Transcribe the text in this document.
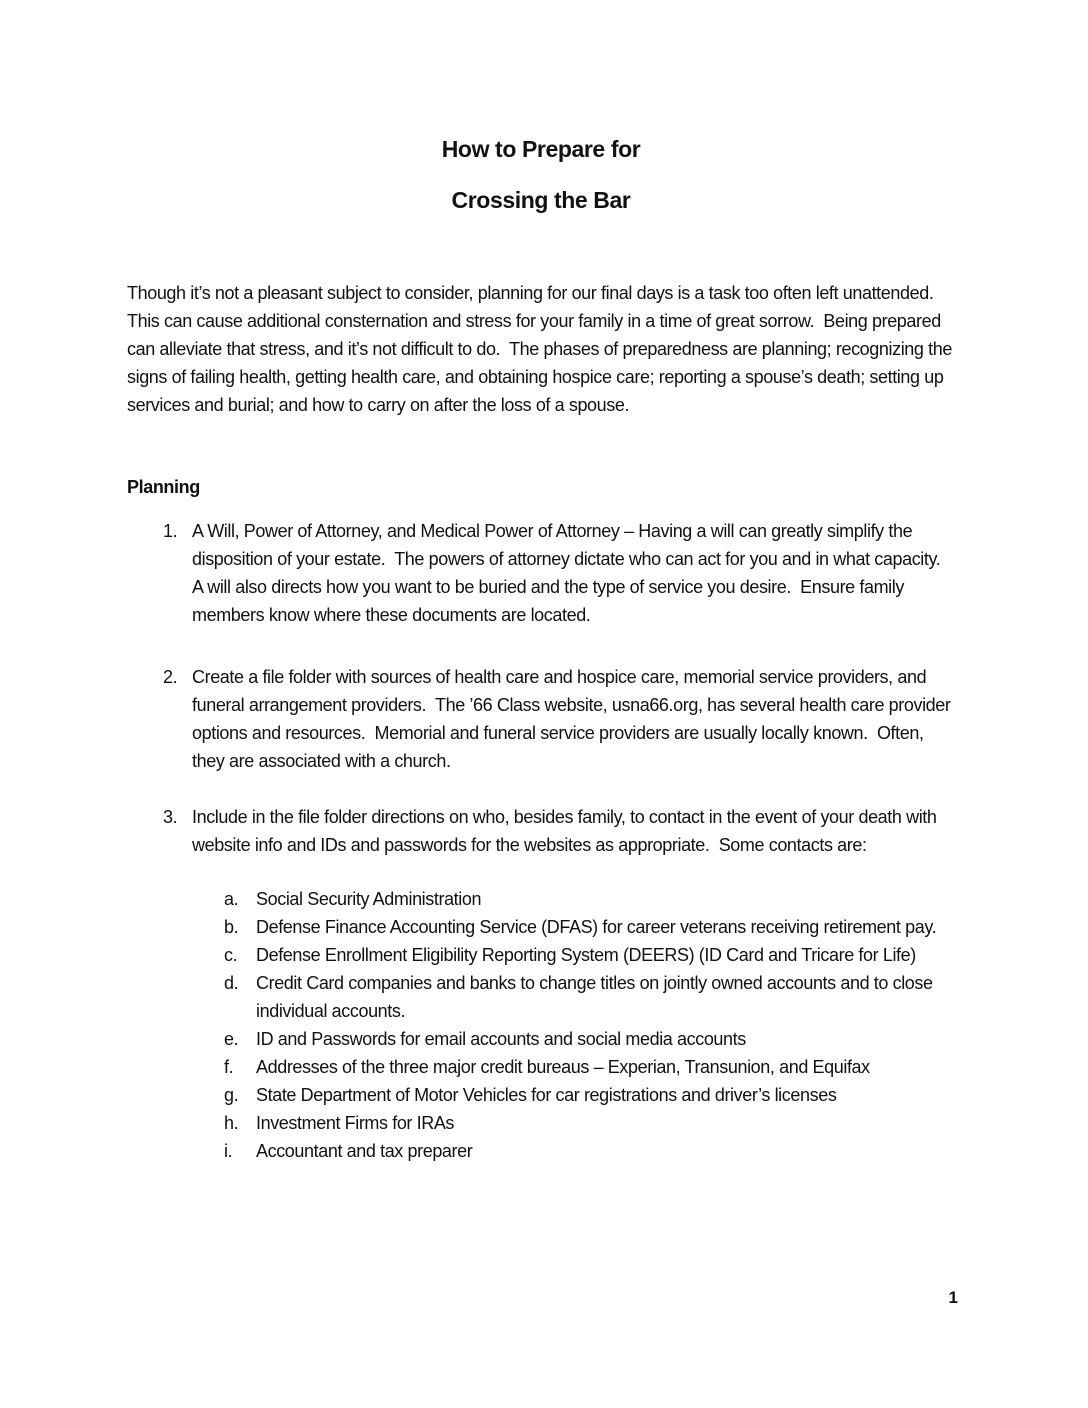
How to Prepare for
Crossing the Bar
Though it’s not a pleasant subject to consider, planning for our final days is a task too often left unattended.  This can cause additional consternation and stress for your family in a time of great sorrow.  Being prepared can alleviate that stress, and it’s not difficult to do.  The phases of preparedness are planning; recognizing the signs of failing health, getting health care, and obtaining hospice care; reporting a spouse’s death; setting up services and burial; and how to carry on after the loss of a spouse.
Planning
1. A Will, Power of Attorney, and Medical Power of Attorney – Having a will can greatly simplify the disposition of your estate.  The powers of attorney dictate who can act for you and in what capacity.  A will also directs how you want to be buried and the type of service you desire.  Ensure family members know where these documents are located.
2. Create a file folder with sources of health care and hospice care, memorial service providers, and funeral arrangement providers.  The ’66 Class website, usna66.org, has several health care provider options and resources.  Memorial and funeral service providers are usually locally known.  Often, they are associated with a church.
3. Include in the file folder directions on who, besides family, to contact in the event of your death with website info and IDs and passwords for the websites as appropriate.  Some contacts are:
a. Social Security Administration
b. Defense Finance Accounting Service (DFAS) for career veterans receiving retirement pay.
c. Defense Enrollment Eligibility Reporting System (DEERS) (ID Card and Tricare for Life)
d. Credit Card companies and banks to change titles on jointly owned accounts and to close individual accounts.
e. ID and Passwords for email accounts and social media accounts
f. Addresses of the three major credit bureaus – Experian, Transunion, and Equifax
g. State Department of Motor Vehicles for car registrations and driver’s licenses
h. Investment Firms for IRAs
i. Accountant and tax preparer
1
